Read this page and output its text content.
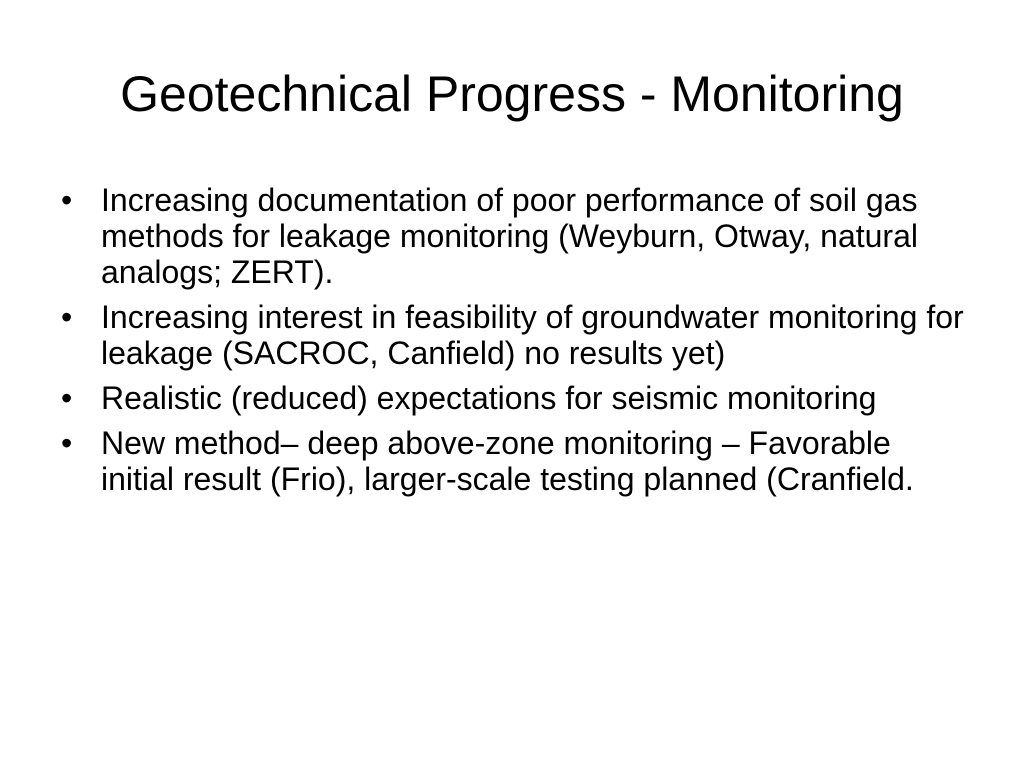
Geotechnical Progress - Monitoring
• Increasing documentation of poor performance of soil gas methods for leakage monitoring (Weyburn, Otway, natural analogs; ZERT).
• Increasing interest in feasibility of groundwater monitoring for leakage (SACROC, Canfield) no results yet)
• Realistic (reduced) expectations for seismic monitoring
• New method– deep above-zone monitoring – Favorable initial result (Frio), larger-scale testing planned (Cranfield.
